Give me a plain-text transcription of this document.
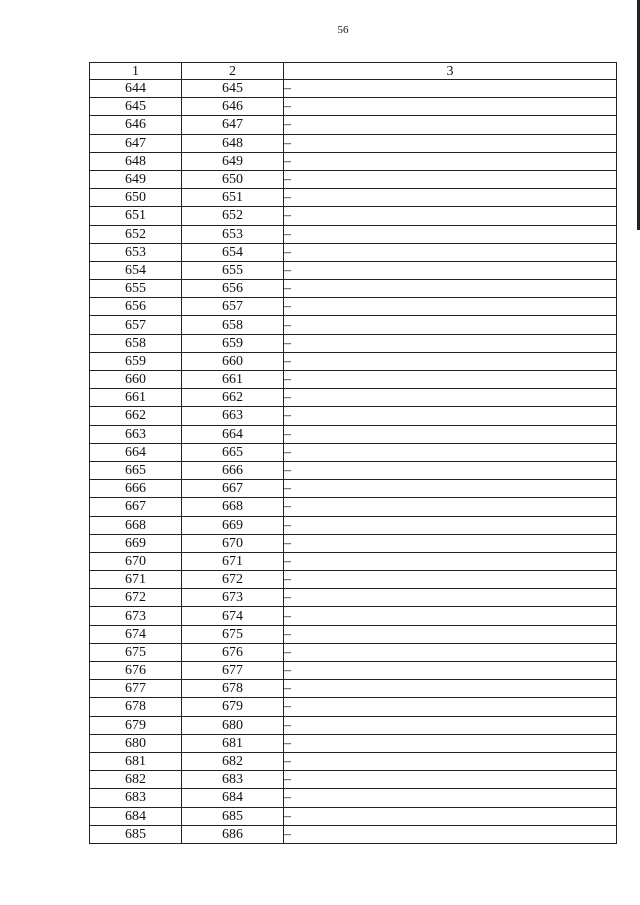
56
1	2	3
644	645	–
645	646	–
646	647	–
647	648	–
648	649	–
649	650	–
650	651	–
651	652	–
652	653	–
653	654	–
654	655	–
655	656	–
656	657	–
657	658	–
658	659	–
659	660	–
660	661	–
661	662	–
662	663	–
663	664	–
664	665	–
665	666	–
666	667	–
667	668	–
668	669	–
669	670	–
670	671	–
671	672	–
672	673	–
673	674	–
674	675	–
675	676	–
676	677	–
677	678	–
678	679	–
679	680	–
680	681	–
681	682	–
682	683	–
683	684	–
684	685	–
685	686	–
